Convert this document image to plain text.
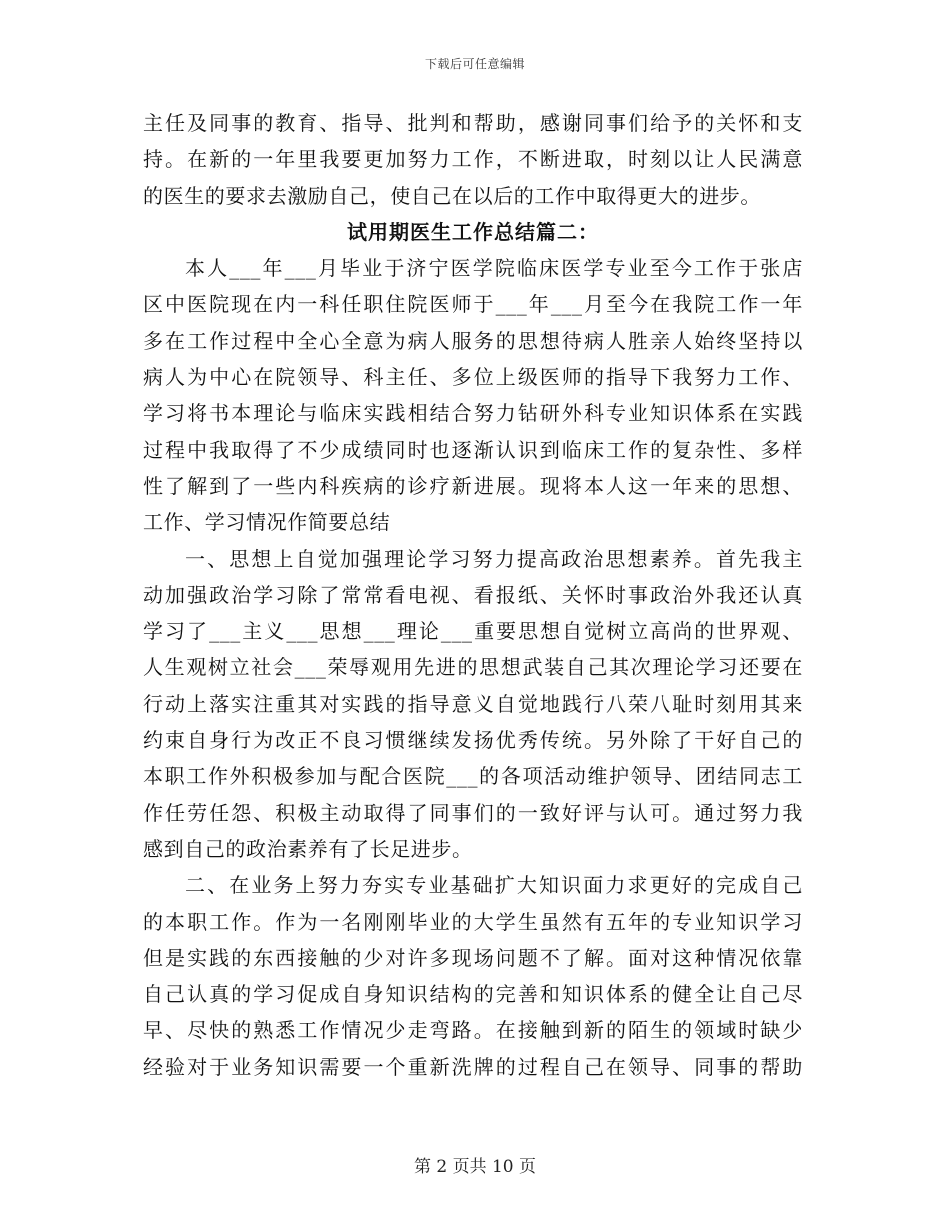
下载后可任意编辑
主任及同事的教育、指导、批判和帮助，感谢同事们给予的关怀和支
持。在新的一年里我要更加努力工作，不断进取，时刻以让人民满意
的医生的要求去激励自己，使自己在以后的工作中取得更大的进步。
试用期医生工作总结篇二：
本人___年___月毕业于济宁医学院临床医学专业至今工作于张店
区中医院现在内一科任职住院医师于___年___月至今在我院工作一年
多在工作过程中全心全意为病人服务的思想待病人胜亲人始终坚持以
病人为中心在院领导、科主任、多位上级医师的指导下我努力工作、
学习将书本理论与临床实践相结合努力钻研外科专业知识体系在实践
过程中我取得了不少成绩同时也逐渐认识到临床工作的复杂性、多样
性了解到了一些内科疾病的诊疗新进展。现将本人这一年来的思想、
工作、学习情况作简要总结
一、思想上自觉加强理论学习努力提高政治思想素养。首先我主
动加强政治学习除了常常看电视、看报纸、关怀时事政治外我还认真
学习了___主义___思想___理论___重要思想自觉树立高尚的世界观、
人生观树立社会___荣辱观用先进的思想武装自己其次理论学习还要在
行动上落实注重其对实践的指导意义自觉地践行八荣八耻时刻用其来
约束自身行为改正不良习惯继续发扬优秀传统。另外除了干好自己的
本职工作外积极参加与配合医院___的各项活动维护领导、团结同志工
作任劳任怨、积极主动取得了同事们的一致好评与认可。通过努力我
感到自己的政治素养有了长足进步。
二、在业务上努力夯实专业基础扩大知识面力求更好的完成自己
的本职工作。作为一名刚刚毕业的大学生虽然有五年的专业知识学习
但是实践的东西接触的少对许多现场问题不了解。面对这种情况依靠
自己认真的学习促成自身知识结构的完善和知识体系的健全让自己尽
早、尽快的熟悉工作情况少走弯路。在接触到新的陌生的领域时缺少
经验对于业务知识需要一个重新洗牌的过程自己在领导、同事的帮助
第 2 页共 10 页
